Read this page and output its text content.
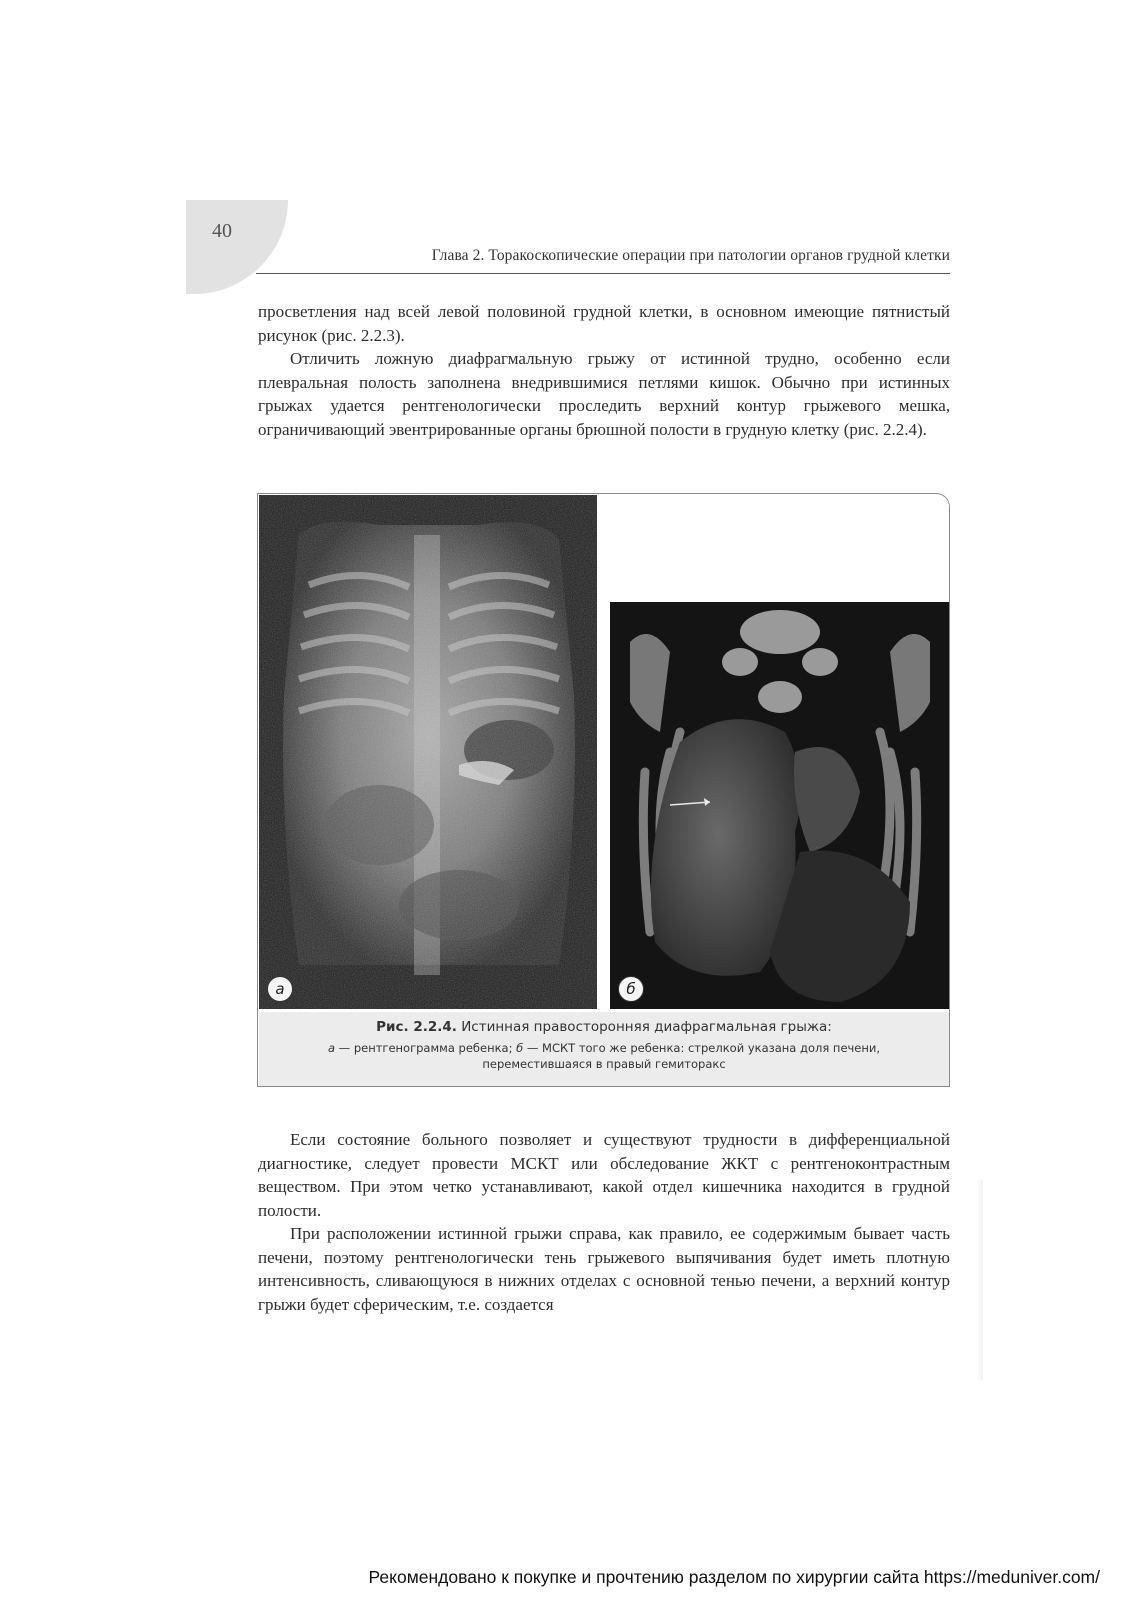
40
Глава 2. Торакоскопические операции при патологии органов грудной клетки

просветления над всей левой половиной грудной клетки, в основном имеющие пятнистый рисунок (рис. 2.2.3).

Отличить ложную диафрагмальную грыжу от истинной трудно, особенно если плевральная полость заполнена внедрившимися петлями кишок. Обычно при истинных грыжах удается рентгенологически проследить верхний контур грыжевого мешка, ограничивающий эвентрированные органы брюшной полости в грудную клетку (рис. 2.2.4).

а	б
Рис. 2.2.4. Истинная правосторонняя диафрагмальная грыжа:
а — рентгенограмма ребенка; б — МСКТ того же ребенка: стрелкой указана доля печени,
переместившаяся в правый гемиторакс

Если состояние больного позволяет и существуют трудности в дифференциальной диагностике, следует провести МСКТ или обследование ЖКТ с рентгеноконтрастным веществом. При этом четко устанавливают, какой отдел кишечника находится в грудной полости.

При расположении истинной грыжи справа, как правило, ее содержимым бывает часть печени, поэтому рентгенологически тень грыжевого выпячивания будет иметь плотную интенсивность, сливающуюся в нижних отделах с основной тенью печени, а верхний контур грыжи будет сферическим, т.е. создается

Рекомендовано к покупке и прочтению разделом по хирургии сайта https://meduniver.com/
